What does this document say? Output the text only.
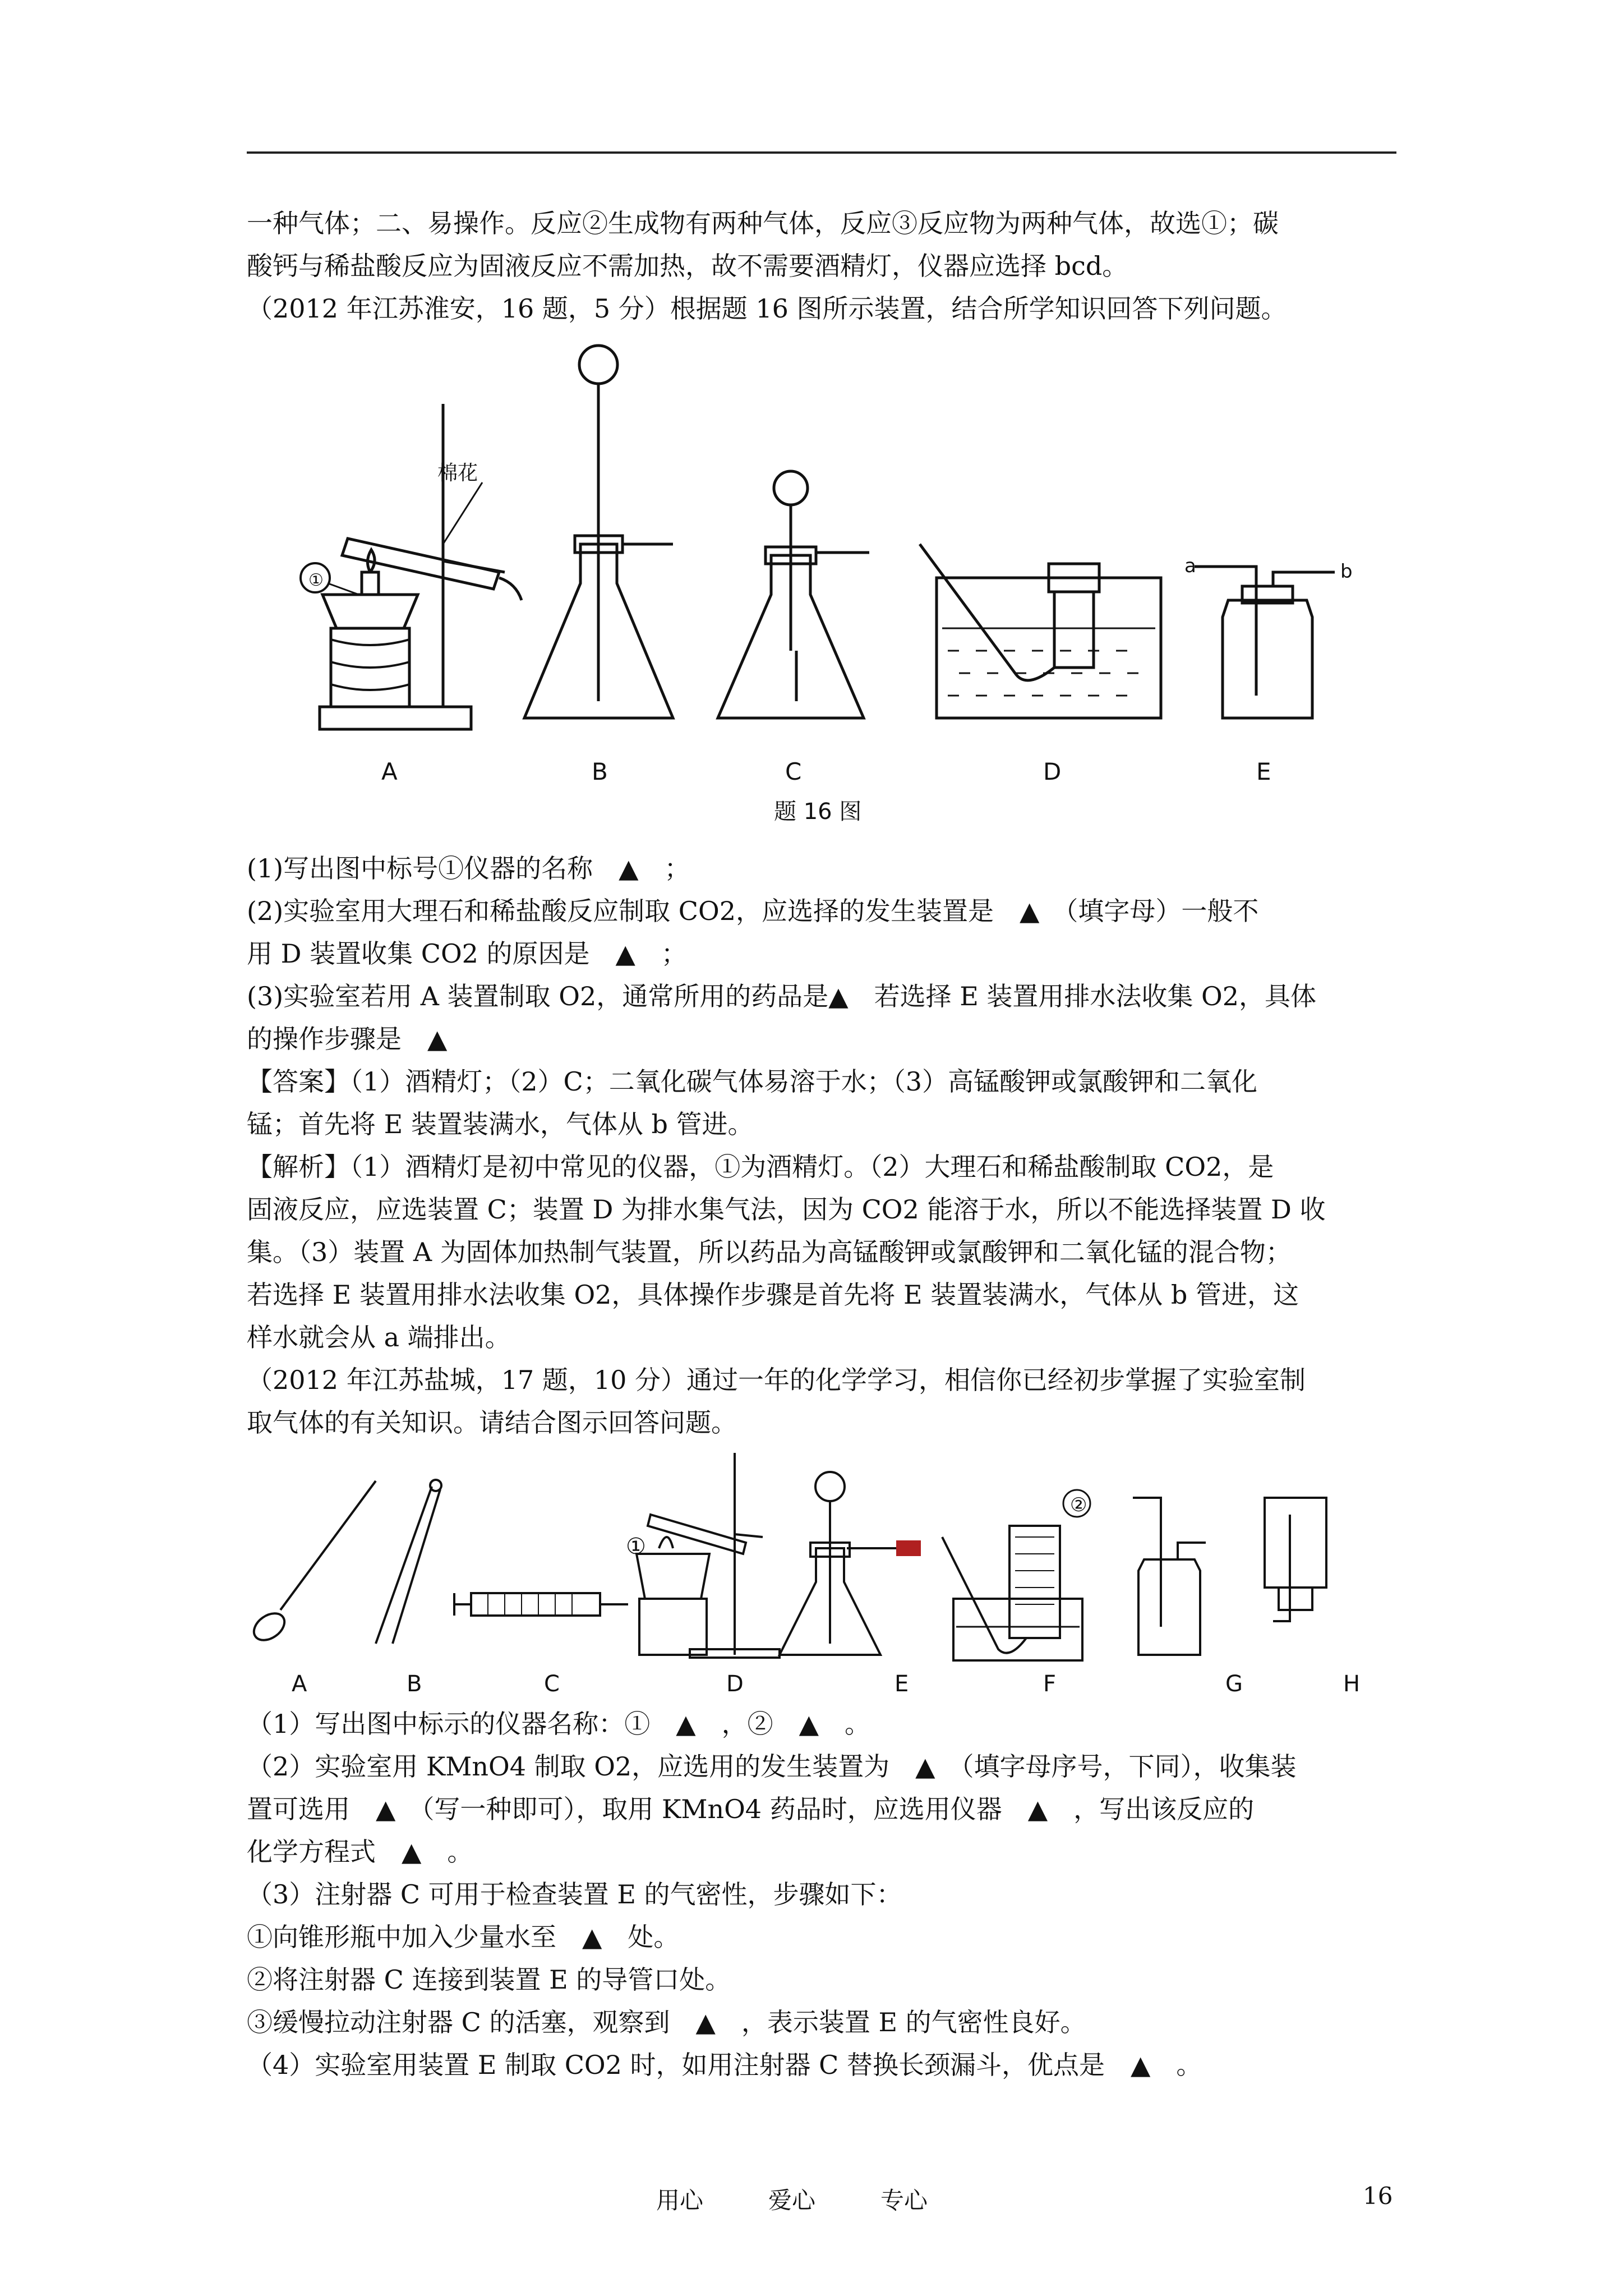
一种气体；二、易操作。反应②生成物有两种气体，反应③反应物为两种气体，故选①；碳
酸钙与稀盐酸反应为固液反应不需加热，故不需要酒精灯，仪器应选择 bcd。
（2012 年江苏淮安，16 题，5 分）根据题 16 图所示装置，结合所学知识回答下列问题。
棉花
①
a	b
A	B	C	D	E
题 16 图
(1)写出图中标号①仪器的名称　▲　；
(2)实验室用大理石和稀盐酸反应制取 CO2，应选择的发生装置是　▲　（填字母）一般不
用 D 装置收集 CO2 的原因是　▲　；
(3)实验室若用 A 装置制取 O2，通常所用的药品是▲　若选择 E 装置用排水法收集 O2，具体
的操作步骤是　▲
【答案】（1）酒精灯；（2）C；二氧化碳气体易溶于水；（3）高锰酸钾或氯酸钾和二氧化
锰；首先将 E 装置装满水，气体从 b 管进。
【解析】（1）酒精灯是初中常见的仪器，①为酒精灯。（2）大理石和稀盐酸制取 CO2，是
固液反应，应选装置 C；装置 D 为排水集气法，因为 CO2 能溶于水，所以不能选择装置 D 收
集。（3）装置 A 为固体加热制气装置，所以药品为高锰酸钾或氯酸钾和二氧化锰的混合物；
若选择 E 装置用排水法收集 O2，具体操作步骤是首先将 E 装置装满水，气体从 b 管进，这
样水就会从 a 端排出。
（2012 年江苏盐城，17 题，10 分）通过一年的化学学习，相信你已经初步掌握了实验室制
取气体的有关知识。请结合图示回答问题。
①
②
A	B	C	D	E	F	G	H
（1）写出图中标示的仪器名称：①　▲　，②　▲　。
（2）实验室用 KMnO4 制取 O2，应选用的发生装置为　▲　（填字母序号，下同），收集装
置可选用　▲　（写一种即可），取用 KMnO4 药品时，应选用仪器　▲　，写出该反应的
化学方程式　▲　。
（3）注射器 C 可用于检查装置 E 的气密性，步骤如下：
①向锥形瓶中加入少量水至　▲　处。
②将注射器 C 连接到装置 E 的导管口处。
③缓慢拉动注射器 C 的活塞，观察到　▲　，表示装置 E 的气密性良好。
（4）实验室用装置 E 制取 CO2 时，如用注射器 C 替换长颈漏斗，优点是　▲　。
用心	爱心	专心	16
